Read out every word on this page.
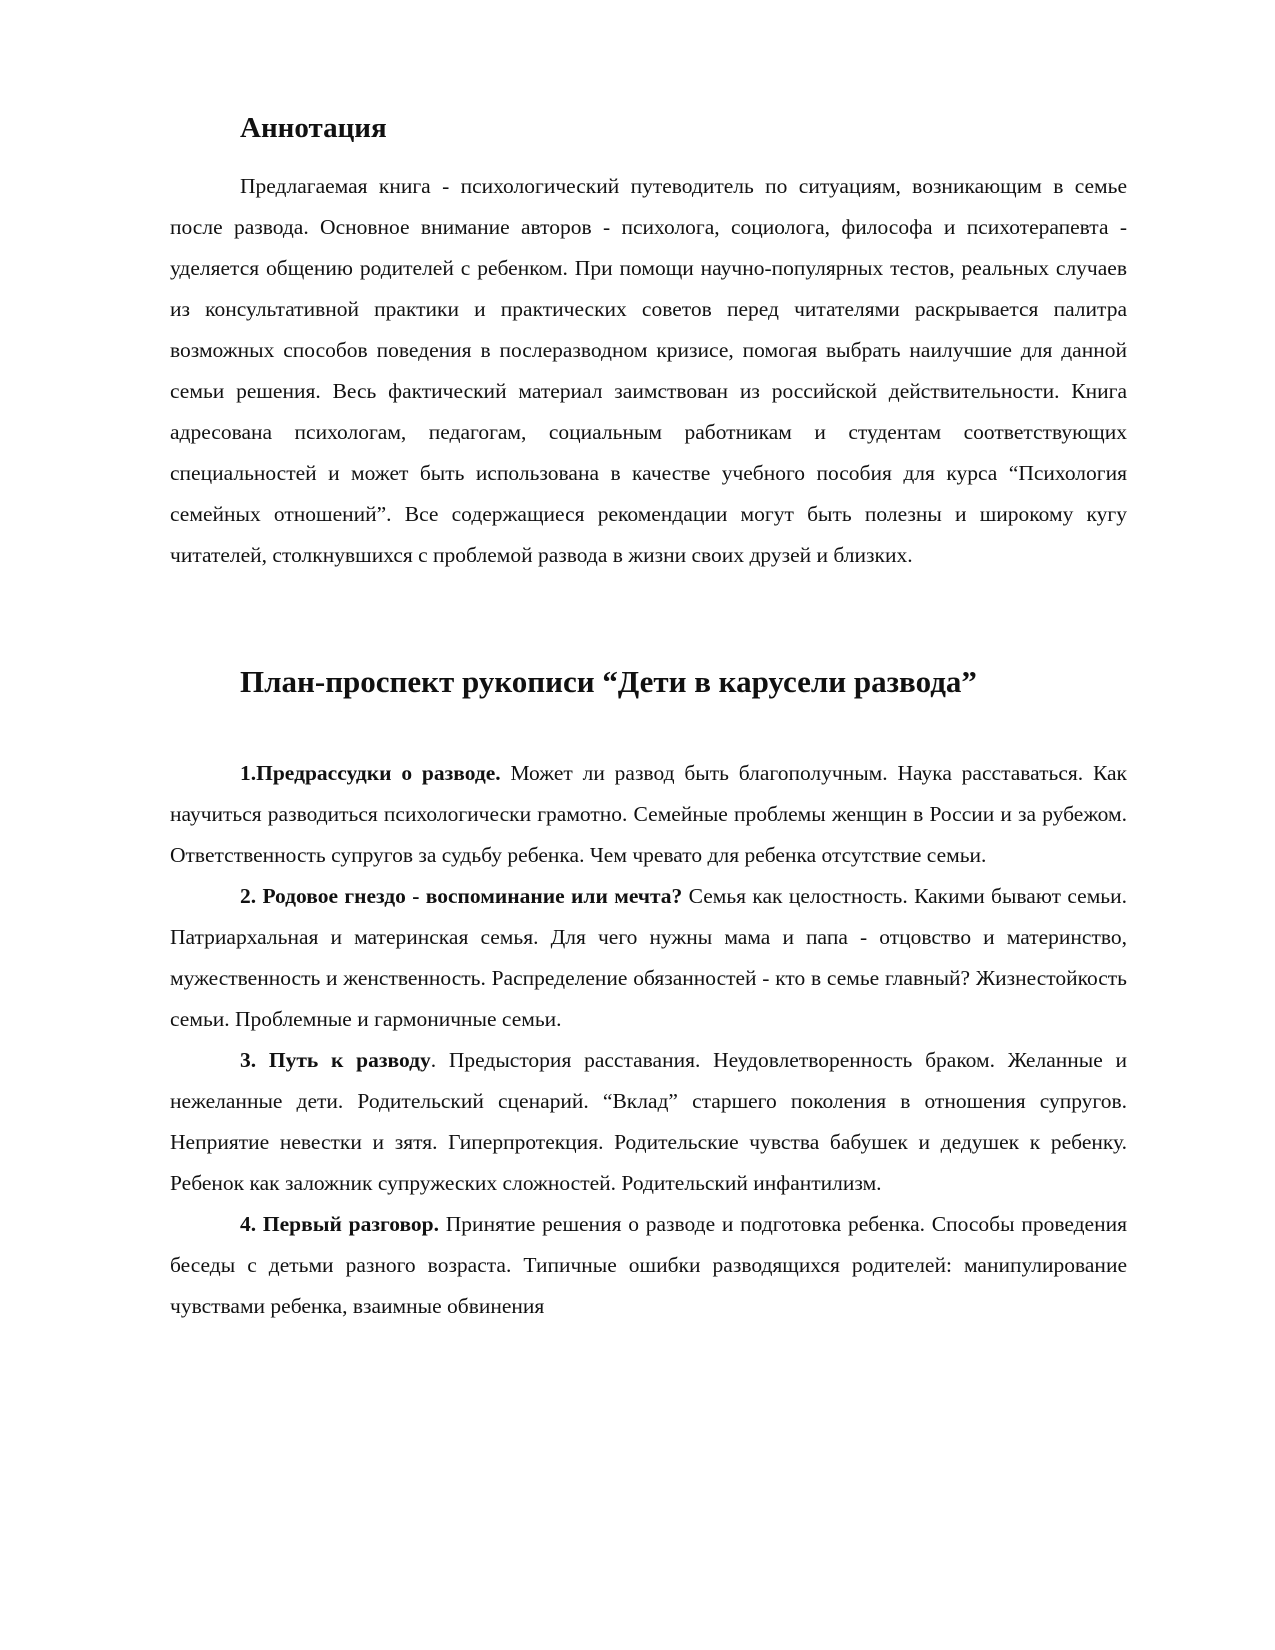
Аннотация

Предлагаемая книга - психологический путеводитель по ситуациям, возникающим в семье после развода. Основное внимание авторов - психолога, социолога, философа и психотерапевта - уделяется общению родителей с ребенком. При помощи научно-популярных тестов, реальных случаев из консультативной практики и практических советов перед читателями раскрывается палитра возможных способов поведения в послеразводном кризисе, помогая выбрать наилучшие для данной семьи решения. Весь фактический материал заимствован из российской действительности. Книга адресована психологам, педагогам, социальным работникам и студентам соответствующих специальностей и может быть использована в качестве учебного пособия для курса “Психология семейных отношений”. Все содержащиеся рекомендации могут быть полезны и широкому кугу читателей, столкнувшихся с проблемой развода в жизни своих друзей и близких.

План-проспект рукописи “Дети в карусели развода”

1.Предрассудки о разводе. Может ли развод быть благополучным. Наука расставаться. Как научиться разводиться психологически грамотно. Семейные проблемы женщин в России и за рубежом. Ответственность супругов за судьбу ребенка. Чем чревато для ребенка отсутствие семьи.

2. Родовое гнездо - воспоминание или мечта? Семья как целостность. Какими бывают семьи. Патриархальная и материнская семья. Для чего нужны мама и папа - отцовство и материнство, мужественность и женственность. Распределение обязанностей - кто в семье главный? Жизнестойкость семьи. Проблемные и гармоничные семьи.

3. Путь к разводу. Предыстория расставания. Неудовлетворенность браком. Желанные и нежеланные дети. Родительский сценарий. “Вклад” старшего поколения в отношения супругов. Неприятие невестки и зятя. Гиперпротекция. Родительские чувства бабушек и дедушек к ребенку. Ребенок как заложник супружеских сложностей. Родительский инфантилизм.

4. Первый разговор. Принятие решения о разводе и подготовка ребенка. Способы проведения беседы с детьми разного возраста. Типичные ошибки разводящихся родителей: манипулирование чувствами ребенка, взаимные обвинения
